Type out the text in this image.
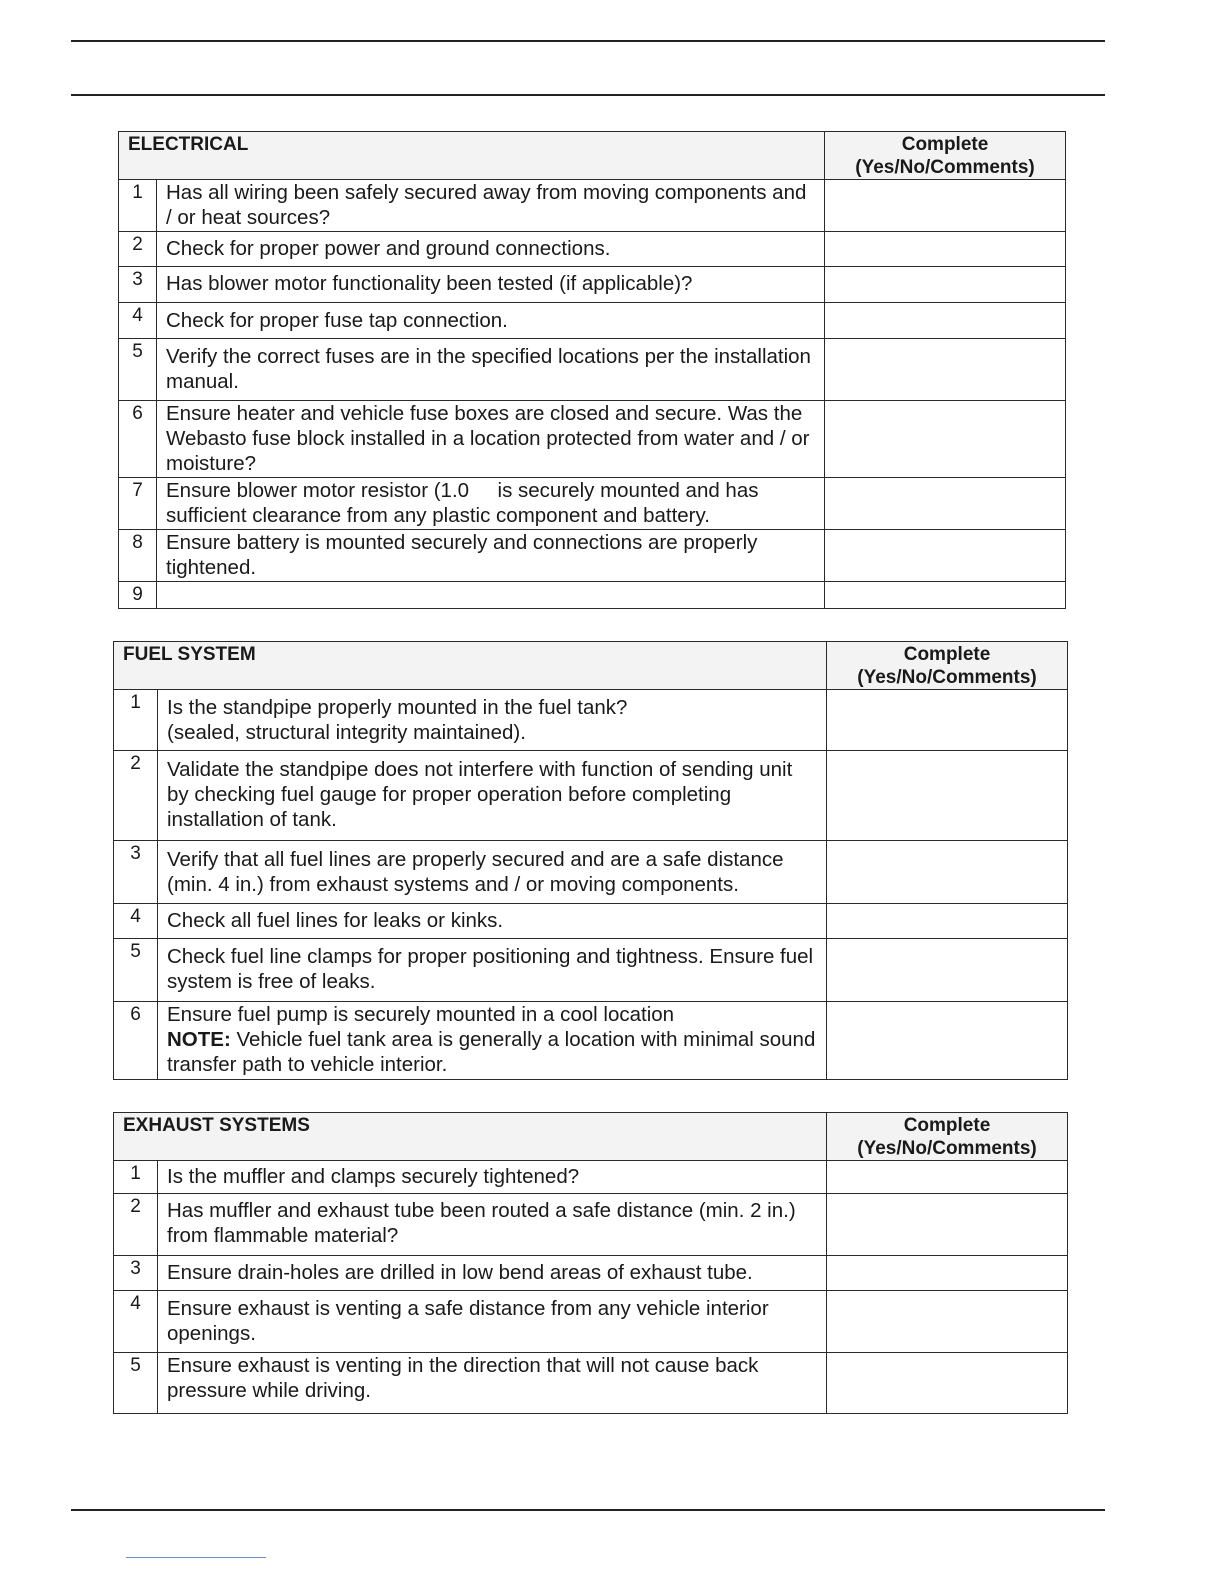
ELECTRICAL		Complete
(Yes/No/Comments)

1	Has all wiring been safely secured away from moving components and / or heat sources?	
2	Check for proper power and ground connections.	
3	Has blower motor functionality been tested (if applicable)?	
4	Check for proper fuse tap connection.	
5	Verify the correct fuses are in the specified locations per the installation manual.	
6	Ensure heater and vehicle fuse boxes are closed and secure. Was the Webasto fuse block installed in a location protected from water and / or moisture?	
7	Ensure blower motor resistor (1.0     is securely mounted and has sufficient clearance from any plastic component and battery.	
8	Ensure battery is mounted securely and connections are properly tightened.	
9		
FUEL SYSTEM		Complete
(Yes/No/Comments)

1	Is the standpipe properly mounted in the fuel tank?
(sealed, structural integrity maintained).	

2	Validate the standpipe does not interfere with function of sending unit by checking fuel gauge for proper operation before completing installation of tank.	
3	Verify that all fuel lines are properly secured and are a safe distance (min. 4 in.) from exhaust systems and / or moving components.	
4	Check all fuel lines for leaks or kinks.	
5	Check fuel line clamps for proper positioning and tightness. Ensure fuel system is free of leaks.	
6	Ensure fuel pump is securely mounted in a cool location
NOTE: Vehicle fuel tank area is generally a location with minimal sound transfer path to vehicle interior.	

EXHAUST SYSTEMS		Complete
(Yes/No/Comments)

1	Is the muffler and clamps securely tightened?	
2	Has muffler and exhaust tube been routed a safe distance (min. 2 in.) from flammable material?	
3	Ensure drain-holes are drilled in low bend areas of exhaust tube.	
4	Ensure exhaust is venting a safe distance from any vehicle interior openings.	
5	Ensure exhaust is venting in the direction that will not cause back pressure while driving.	
